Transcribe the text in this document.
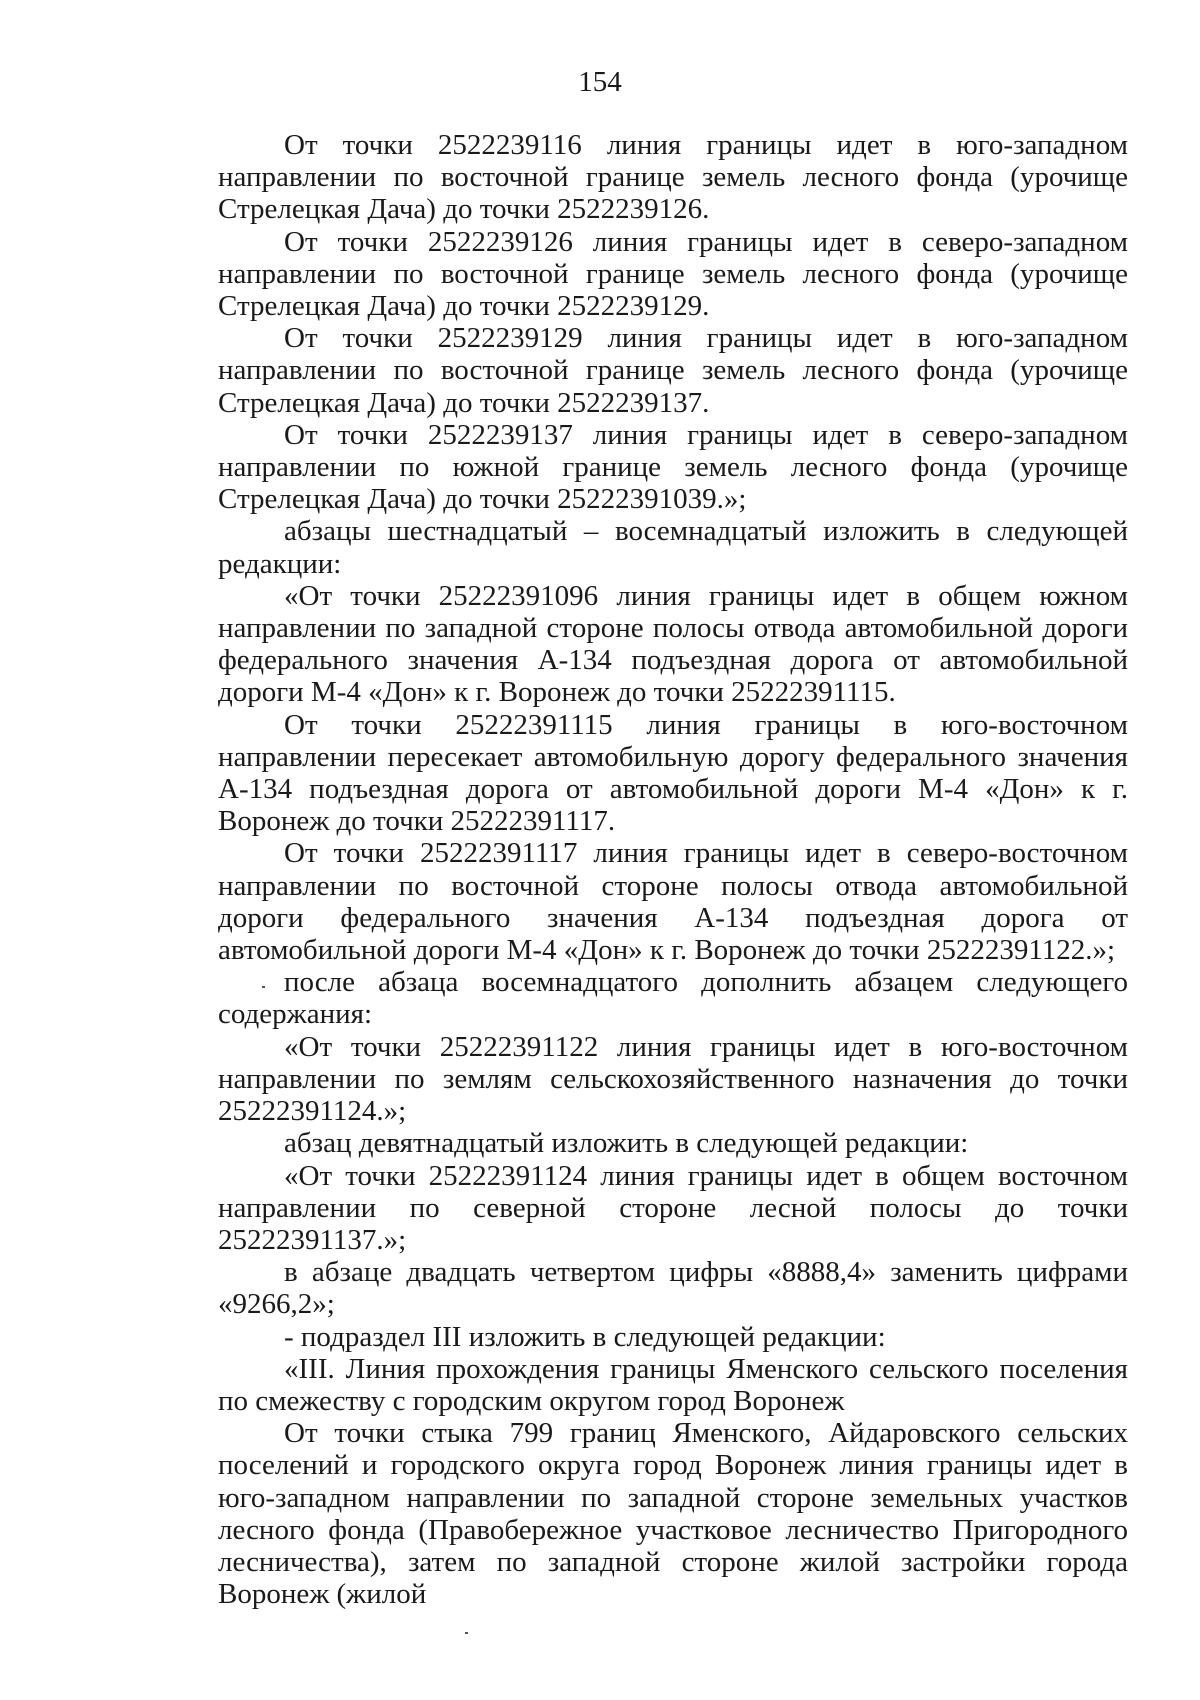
154

От точки 2522239116 линия границы идет в юго-западном направлении по восточной границе земель лесного фонда (урочище Стрелецкая Дача) до точки 2522239126.

От точки 2522239126 линия границы идет в северо-западном направлении по восточной границе земель лесного фонда (урочище Стрелецкая Дача) до точки 2522239129.

От точки 2522239129 линия границы идет в юго-западном направлении по восточной границе земель лесного фонда (урочище Стрелецкая Дача) до точки 2522239137.

От точки 2522239137 линия границы идет в северо-западном направлении по южной границе земель лесного фонда (урочище Стрелецкая Дача) до точки 25222391039.»;

абзацы шестнадцатый – восемнадцатый изложить в следующей редакции:

«От точки 25222391096 линия границы идет в общем южном направлении по западной стороне полосы отвода автомобильной дороги федерального значения А-134 подъездная дорога от автомобильной дороги М-4 «Дон» к г. Воронеж до точки 25222391115.

От точки 25222391115 линия границы в юго-восточном направлении пересекает автомобильную дорогу федерального значения А-134 подъездная дорога от автомобильной дороги М-4 «Дон» к г. Воронеж до точки 25222391117.

От точки 25222391117 линия границы идет в северо-восточном направлении по восточной стороне полосы отвода автомобильной дороги федерального значения А-134 подъездная дорога от автомобильной дороги М-4 «Дон» к г. Воронеж до точки 25222391122.»;

после абзаца восемнадцатого дополнить абзацем следующего содержания:

«От точки 25222391122 линия границы идет в юго-восточном направлении по землям сельскохозяйственного назначения до точки 25222391124.»;

абзац девятнадцатый изложить в следующей редакции:

«От точки 25222391124 линия границы идет в общем восточном направлении по северной стороне лесной полосы до точки 25222391137.»;

в абзаце двадцать четвертом цифры «8888,4» заменить цифрами «9266,2»;

- подраздел III изложить в следующей редакции:

«III. Линия прохождения границы Яменского сельского поселения по смежеству с городским округом город Воронеж

От точки стыка 799 границ Яменского, Айдаровского сельских поселений и городского округа город Воронеж линия границы идет в юго-западном направлении по западной стороне земельных участков лесного фонда (Правобережное участковое лесничество Пригородного лесничества), затем по западной стороне жилой застройки города Воронеж (жилой
